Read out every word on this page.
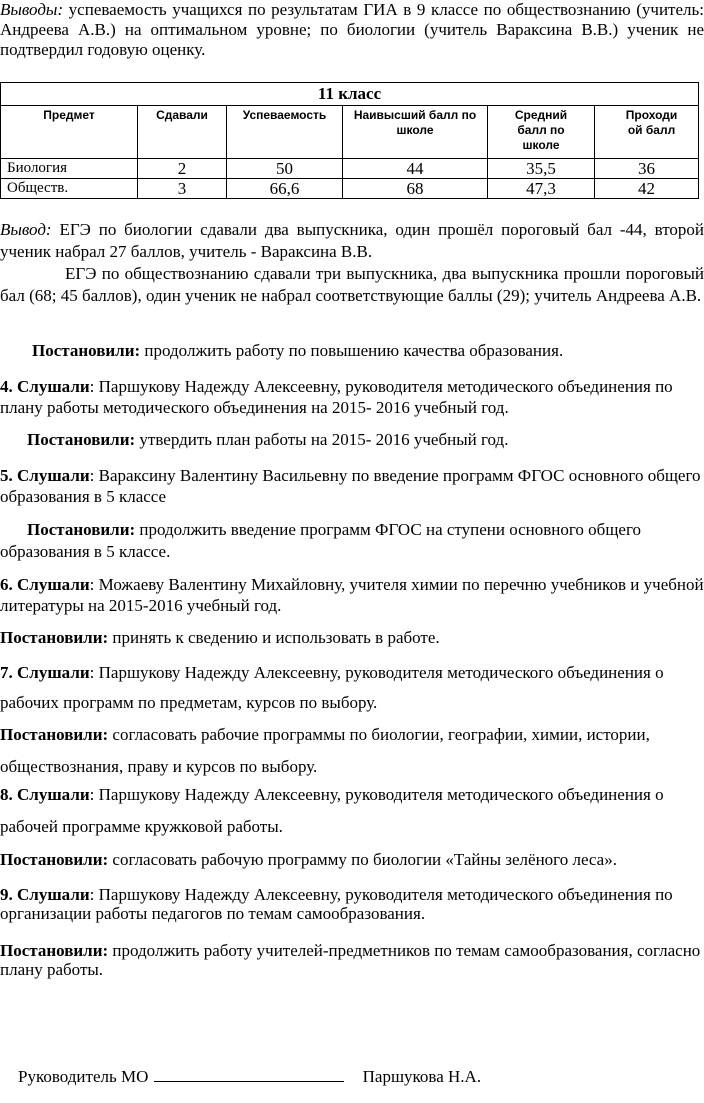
Выводы: успеваемость учащихся по результатам ГИА в 9 классе по обществознанию (учитель: Андреева А.В.) на оптимальном уровне; по биологии (учитель Вараксина В.В.) ученик не подтвердил годовую оценку.
11 класс					
Предмет	Сдавали	Успеваемость	Наивысший балл по школе	Средний балл по школе	Проходи ой балл
Биология	2	50	44	35,5	36
Обществ.	3	66,6	68	47,3	42
Вывод: ЕГЭ по биологии сдавали два выпускника, один прошёл пороговый бал -44, второй ученик набрал 27 баллов, учитель - Вараксина В.В.
ЕГЭ по обществознанию сдавали три выпускника, два выпускника прошли пороговый бал (68; 45 баллов), один ученик не набрал соответствующие баллы (29); учитель Андреева А.В.
Постановили: продолжить работу по повышению качества образования.
4. Слушали: Паршукову Надежду Алексеевну, руководителя методического объединения по плану работы методического объединения на 2015- 2016 учебный год.
Постановили: утвердить план работы на 2015- 2016 учебный год.
5. Слушали: Вараксину Валентину Васильевну по введение программ ФГОС основного общего образования в 5 классе
Постановили: продолжить введение программ ФГОС на ступени основного общего образования в 5 классе.
6. Слушали: Можаеву Валентину Михайловну, учителя химии по перечню учебников и учебной литературы на 2015-2016 учебный год.
Постановили: принять к сведению и использовать в работе.
7. Слушали: Паршукову Надежду Алексеевну, руководителя методического объединения о
рабочих программ по предметам, курсов по выбору.
Постановили: согласовать рабочие программы по биологии, географии, химии, истории,
обществознания, праву и курсов по выбору.
8. Слушали: Паршукову Надежду Алексеевну, руководителя методического объединения о
рабочей программе кружковой работы.
Постановили: согласовать рабочую программу по биологии «Тайны зелёного леса».
9. Слушали: Паршукову Надежду Алексеевну, руководителя методического объединения по организации работы педагогов по темам самообразования.
Постановили: продолжить работу учителей-предметников по темам самообразования, согласно плану работы.
Руководитель МО	Паршукова Н.А.
